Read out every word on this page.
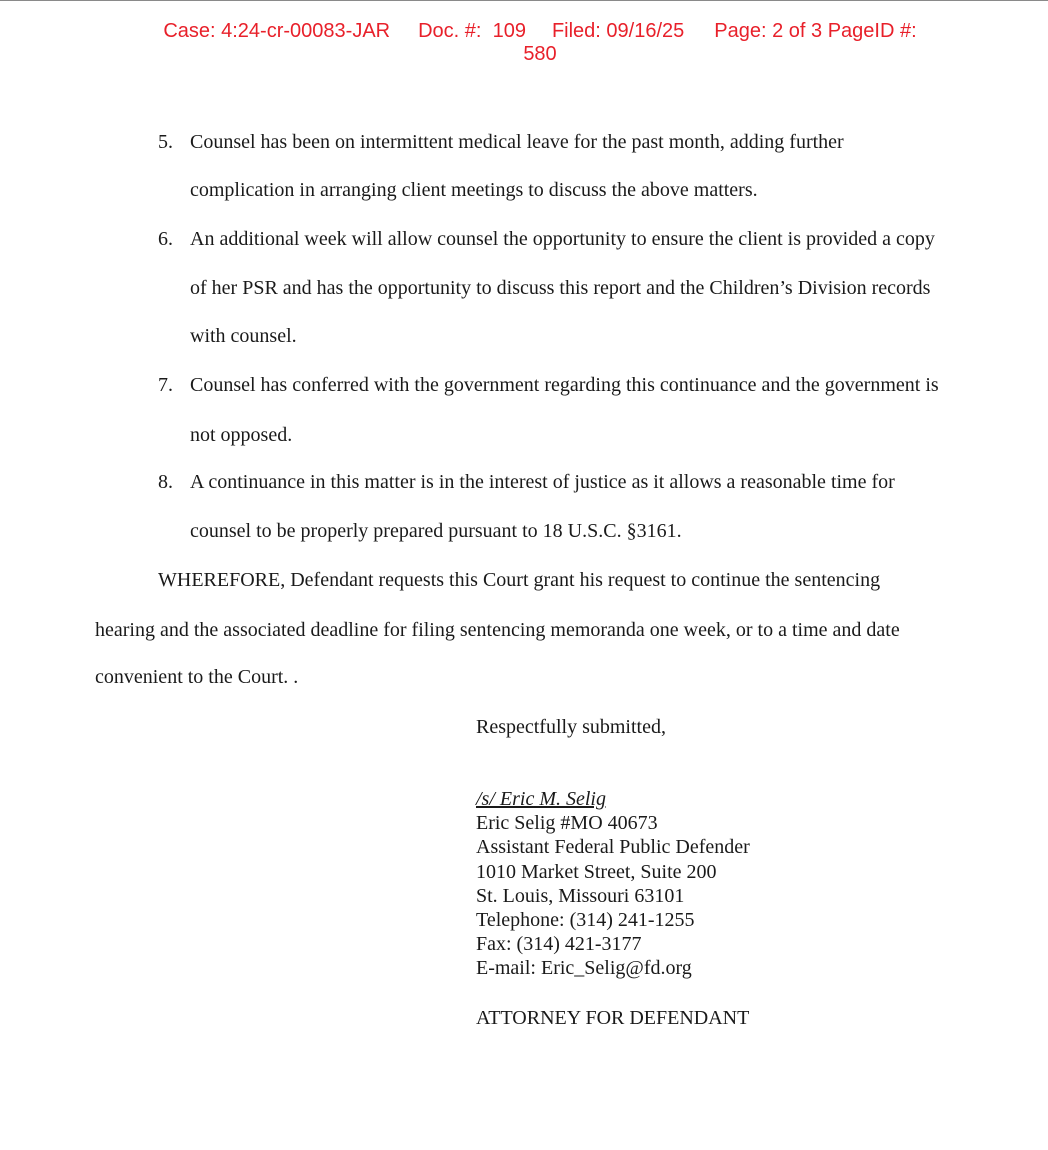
Case: 4:24-cr-00083-JAR Doc. #:  109 Filed: 09/16/25 Page: 2 of 3 PageID #:
580
5. Counsel has been on intermittent medical leave for the past month, adding further
complication in arranging client meetings to discuss the above matters.
6. An additional week will allow counsel the opportunity to ensure the client is provided a copy
of her PSR and has the opportunity to discuss this report and the Children’s Division records
with counsel.
7. Counsel has conferred with the government regarding this continuance and the government is
not opposed.
8. A continuance in this matter is in the interest of justice as it allows a reasonable time for
counsel to be properly prepared pursuant to 18 U.S.C. §3161.
WHEREFORE, Defendant requests this Court grant his request to continue the sentencing
hearing and the associated deadline for filing sentencing memoranda one week, or to a time and date
convenient to the Court. .
Respectfully submitted,
/s/ Eric M. Selig
Eric Selig #MO 40673
Assistant Federal Public Defender
1010 Market Street, Suite 200
St. Louis, Missouri 63101
Telephone: (314) 241-1255
Fax: (314) 421-3177
E-mail: Eric_Selig@fd.org
ATTORNEY FOR DEFENDANT
